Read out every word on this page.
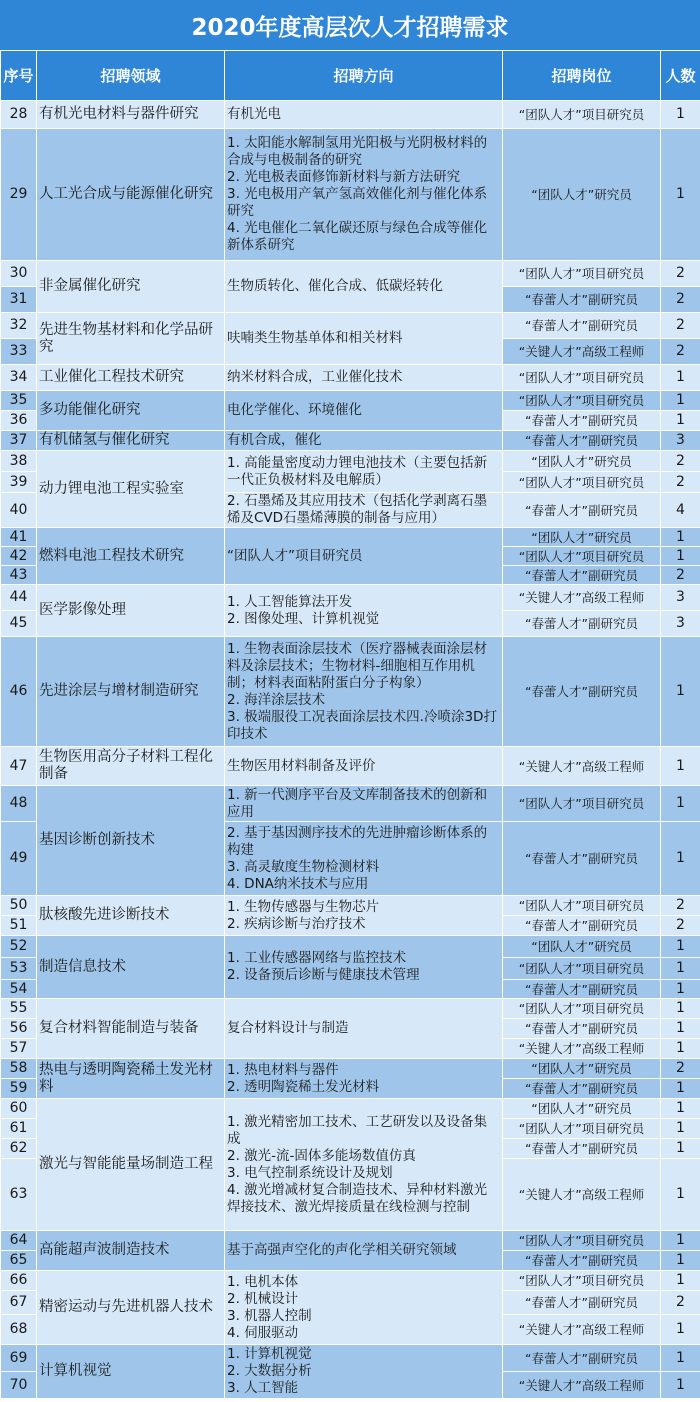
2020年度高层次人才招聘需求
序号	招聘领域	招聘方向	招聘岗位	人数
28	有机光电材料与器件研究	有机光电	“团队人才”项目研究员	1
29	人工光合成与能源催化研究	1. 太阳能水解制氢用光阳极与光阴极材料的合成与电极制备的研究
2. 光电极表面修饰新材料与新方法研究
3. 光电极用产氧产氢高效催化剂与催化体系研究
4. 光电催化二氧化碳还原与绿色合成等催化新体系研究	“团队人才”研究员	1
30	非金属催化研究	生物质转化、催化合成、低碳烃转化	“团队人才”项目研究员	2
31			“春蕾人才”副研究员	2
32	先进生物基材料和化学品研究	呋喃类生物基单体和相关材料	“春蕾人才”副研究员	2
33			“关键人才”高级工程师	2
34	工业催化工程技术研究	纳米材料合成，工业催化技术	“团队人才”项目研究员	1
35	多功能催化研究	电化学催化、环境催化	“团队人才”项目研究员	1
36			“春蕾人才”副研究员	1
37	有机储氢与催化研究	有机合成，催化	“春蕾人才”副研究员	3
38	动力锂电池工程实验室	1. 高能量密度动力锂电池技术（主要包括新一代正负极材料及电解质）	“团队人才”研究员	2
39			“团队人才”项目研究员	2
40		2. 石墨烯及其应用技术（包括化学剥离石墨烯及CVD石墨烯薄膜的制备与应用）	“春蕾人才”副研究员	4
41	燃料电池工程技术研究	“团队人才”项目研究员	“团队人才”研究员	1
42			“团队人才”项目研究员	1
43			“春蕾人才”副研究员	2
44	医学影像处理	1. 人工智能算法开发
2. 图像处理、计算机视觉	“关键人才”高级工程师	3
45			“春蕾人才”副研究员	3
46	先进涂层与增材制造研究	1. 生物表面涂层技术（医疗器械表面涂层材料及涂层技术；生物材料-细胞相互作用机制；材料表面粘附蛋白分子构象）
2. 海洋涂层技术
3. 极端服役工况表面涂层技术四.冷喷涂3D打印技术	“春蕾人才”副研究员	1
47	生物医用高分子材料工程化制备	生物医用材料制备及评价	“关键人才”高级工程师	1
48	基因诊断创新技术	1. 新一代测序平台及文库制备技术的创新和应用	“团队人才”项目研究员	1
49		2. 基于基因测序技术的先进肿瘤诊断体系的构建
3. 高灵敏度生物检测材料
4. DNA纳米技术与应用	“春蕾人才”副研究员	1
50	肽核酸先进诊断技术	1. 生物传感器与生物芯片
2. 疾病诊断与治疗技术	“团队人才”项目研究员	2
51			“春蕾人才”副研究员	2
52	制造信息技术	1. 工业传感器网络与监控技术
2. 设备预后诊断与健康技术管理	“团队人才”研究员	1
53			“团队人才”项目研究员	1
54			“春蕾人才”副研究员	1
55	复合材料智能制造与装备	复合材料设计与制造	“团队人才”项目研究员	1
56			“春蕾人才”副研究员	1
57			“关键人才”高级工程师	1
58	热电与透明陶瓷稀土发光材料	1. 热电材料与器件
2. 透明陶瓷稀土发光材料	“团队人才”研究员	2
59			“春蕾人才”副研究员	1
60	激光与智能能量场制造工程	1. 激光精密加工技术、工艺研发以及设备集成
2. 激光-流-固体多能场数值仿真
3. 电气控制系统设计及规划
4. 激光增减材复合制造技术、异种材料激光焊接技术、激光焊接质量在线检测与控制	“团队人才”研究员	1
61			“团队人才”项目研究员	1
62			“春蕾人才”副研究员	1
63			“关键人才”高级工程师	1
64	高能超声波制造技术	基于高强声空化的声化学相关研究领域	“团队人才”项目研究员	1
65			“春蕾人才”副研究员	1
66	精密运动与先进机器人技术	1. 电机本体
2. 机械设计
3. 机器人控制
4. 伺服驱动	“团队人才”项目研究员	1
67			“春蕾人才”副研究员	2
68			“关键人才”高级工程师	1
69	计算机视觉	1. 计算机视觉
2. 大数据分析
3. 人工智能	“春蕾人才”副研究员	1
70			“关键人才”高级工程师	1
